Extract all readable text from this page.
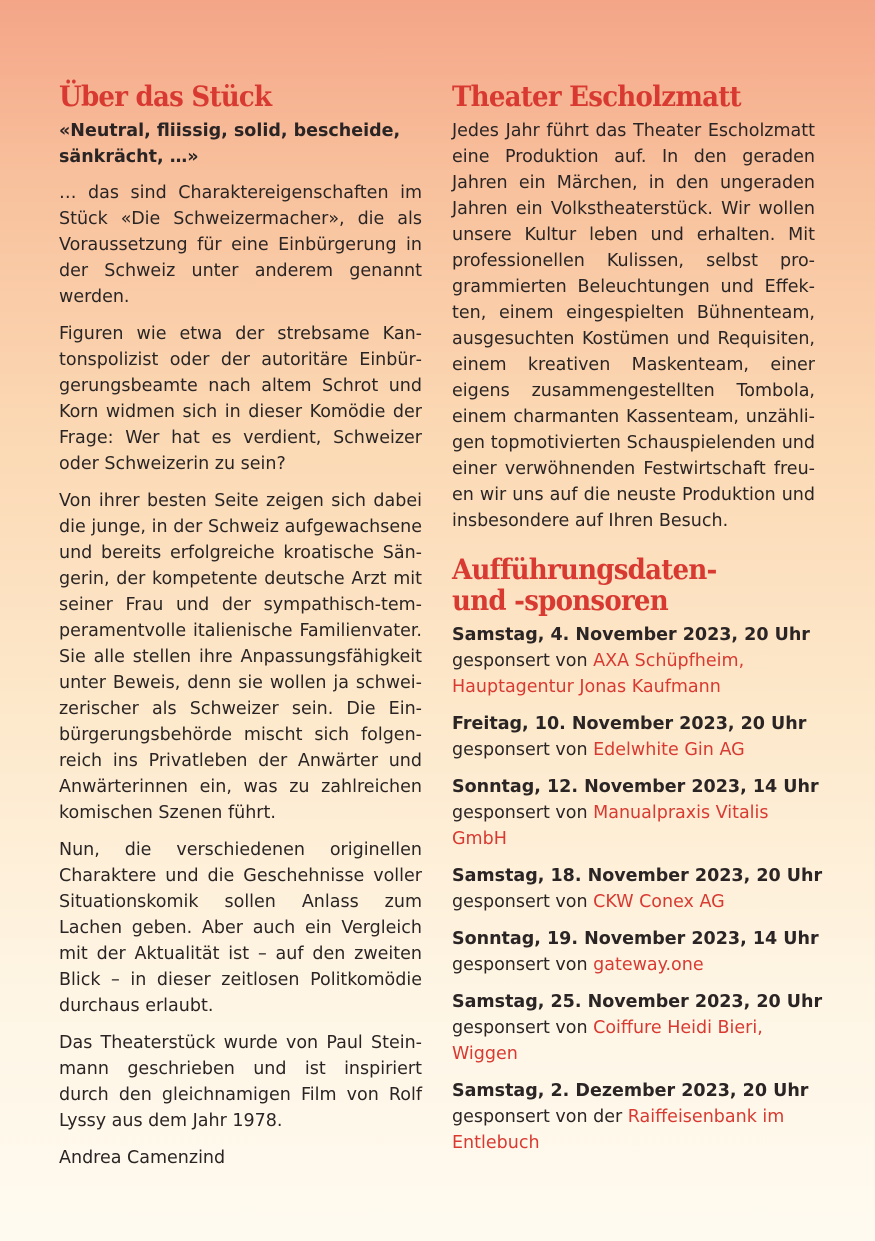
Über das Stück
«Neutral, fliissig, solid, bescheide, sänkrächt, …»

… das sind Charaktereigenschaften im Stück «Die Schweizermacher», die als Voraussetzung für eine Einbürgerung in der Schweiz unter anderem genannt werden.

Figuren wie etwa der strebsame Kantonspolizist oder der autoritäre Einbürgerungsbeamte nach altem Schrot und Korn widmen sich in dieser Komödie der Frage: Wer hat es verdient, Schweizer oder Schweizerin zu sein?

Von ihrer besten Seite zeigen sich dabei die junge, in der Schweiz aufgewachsene und bereits erfolgreiche kroatische Sängerin, der kompetente deutsche Arzt mit seiner Frau und der sympathisch-temperamentvolle italienische Familienvater. Sie alle stellen ihre Anpassungsfähigkeit unter Beweis, denn sie wollen ja schweizerischer als Schweizer sein. Die Einbürgerungsbehörde mischt sich folgenreich ins Privatleben der Anwärter und Anwärterinnen ein, was zu zahlreichen komischen Szenen führt.

Nun, die verschiedenen originellen Charaktere und die Geschehnisse voller Situationskomik sollen Anlass zum Lachen geben. Aber auch ein Vergleich mit der Aktualität ist – auf den zweiten Blick – in dieser zeitlosen Politkomödie durchaus erlaubt.

Das Theaterstück wurde von Paul Steinmann geschrieben und ist inspiriert durch den gleichnamigen Film von Rolf Lyssy aus dem Jahr 1978.

Andrea Camenzind

Theater Escholzmatt

Jedes Jahr führt das Theater Escholzmatt eine Produktion auf. In den geraden Jahren ein Märchen, in den ungeraden Jahren ein Volkstheaterstück. Wir wollen unsere Kultur leben und erhalten. Mit professionellen Kulissen, selbst programmierten Beleuchtungen und Effekten, einem eingespielten Bühnenteam, ausgesuchten Kostümen und Requisiten, einem kreativen Maskenteam, einer eigens zusammengestellten Tombola, einem charmanten Kassenteam, unzähligen topmotivierten Schauspielenden und einer verwöhnenden Festwirtschaft freuen wir uns auf die neuste Produktion und insbesondere auf Ihren Besuch.

Aufführungsdaten-
und -sponsoren
Samstag, 4. November 2023, 20 Uhr
gesponsert von AXA Schüpfheim, Hauptagentur Jonas Kaufmann
Freitag, 10. November 2023, 20 Uhr
gesponsert von Edelwhite Gin AG
Sonntag, 12. November 2023, 14 Uhr
gesponsert von Manualpraxis Vitalis GmbH
Samstag, 18. November 2023, 20 Uhr
gesponsert von CKW Conex AG
Sonntag, 19. November 2023, 14 Uhr
gesponsert von gateway.one
Samstag, 25. November 2023, 20 Uhr
gesponsert von Coiffure Heidi Bieri, Wiggen
Samstag, 2. Dezember 2023, 20 Uhr
gesponsert von der Raiffeisenbank im Entlebuch
